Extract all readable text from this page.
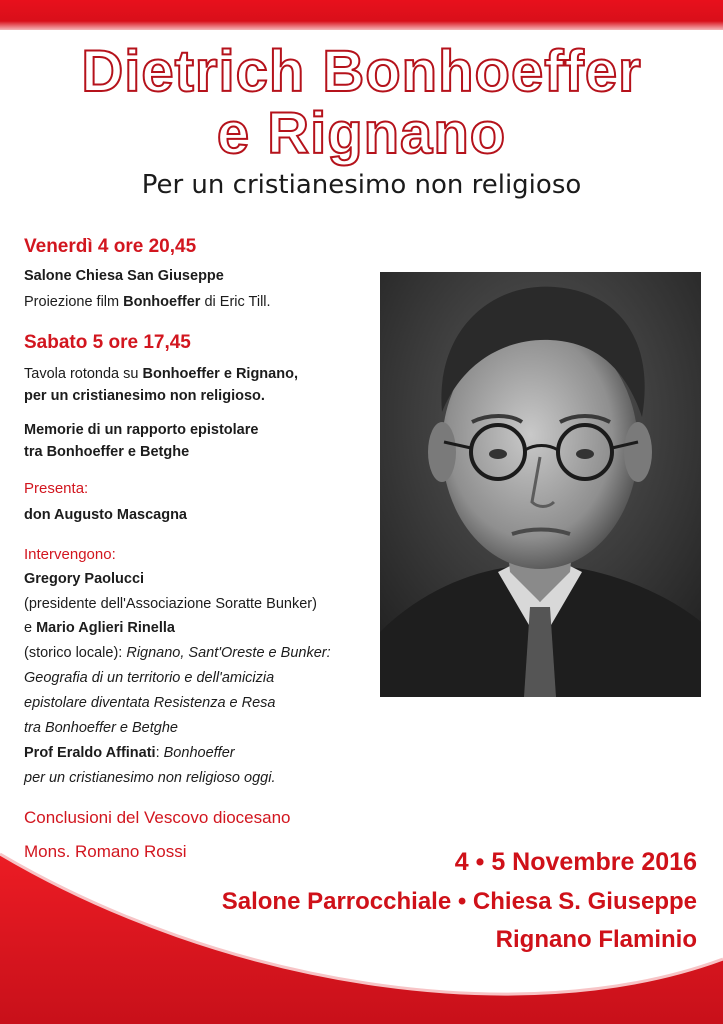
Dietrich Bonhoeffer
e Rignano
Per un cristianesimo non religioso
Venerdì 4 ore 20,45
Salone Chiesa San Giuseppe
Proiezione film Bonhoeffer di Eric Till.
Sabato 5 ore 17,45
Tavola rotonda su Bonhoeffer e Rignano,
per un cristianesimo non religioso.
Memorie di un rapporto epistolare
tra Bonhoeffer e Betghe
Presenta:
don Augusto Mascagna
Intervengono:
Gregory Paolucci
(presidente dell'Associazione Soratte Bunker)
e Mario Aglieri Rinella
(storico locale): Rignano, Sant'Oreste e Bunker:
Geografia di un territorio e dell'amicizia
epistolare diventata Resistenza e Resa
tra Bonhoeffer e Betghe
Prof Eraldo Affinati: Bonhoeffer
per un cristianesimo non religioso oggi.
Conclusioni del Vescovo diocesano
Mons. Romano Rossi	4 • 5 Novembre 2016
Salone Parrocchiale • Chiesa S. Giuseppe
Rignano Flaminio
